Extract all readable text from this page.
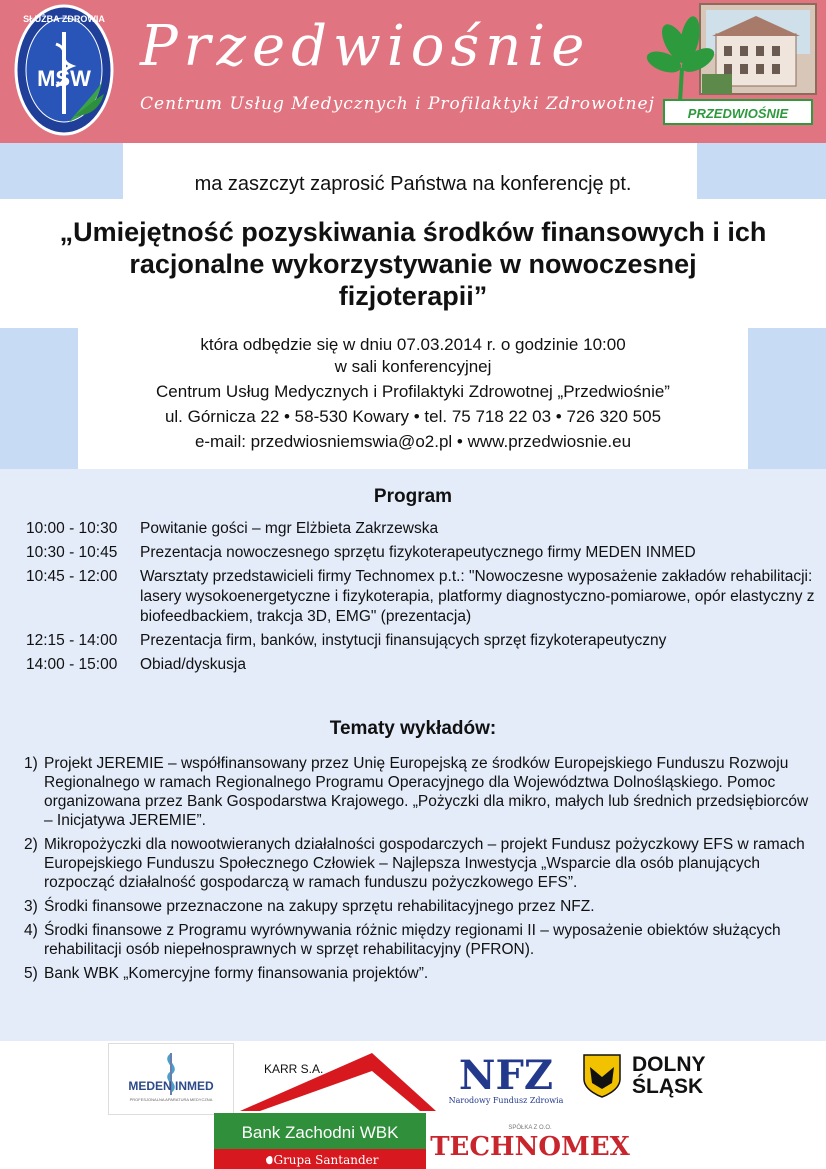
SŁUŻBA ZDROWIA
MSW Przedwiośnie
Centrum Usług Medycznych i Profilaktyki Zdrowotnej	PRZEDWIOŚNIE
ma zaszczyt zaprosić Państwa na konferencję pt.
„Umiejętność pozyskiwania środków finansowych i ich
racjonalne wykorzystywanie w nowoczesnej
fizjoterapii”
która odbędzie się w dniu 07.03.2014 r. o godzinie 10:00
w sali konferencyjnej
Centrum Usług Medycznych i Profilaktyki Zdrowotnej „Przedwiośnie”
ul. Górnicza 22 • 58-530 Kowary • tel. 75 718 22 03 • 726 320 505
e-mail: przedwiosniemswia@o2.pl • www.przedwiosnie.eu
Program
10:00 - 10:30	Powitanie gości – mgr Elżbieta Zakrzewska
10:30 - 10:45	Prezentacja nowoczesnego sprzętu fizykoterapeutycznego firmy MEDEN INMED
10:45 - 12:00	Warsztaty przedstawicieli firmy Technomex p.t.: "Nowoczesne wyposażenie zakładów rehabilitacji: lasery wysokoenergetyczne i fizykoterapia, platformy diagnostyczno-pomiarowe, opór elastyczny z biofeedbackiem, trakcja 3D, EMG" (prezentacja)
12:15 - 14:00	Prezentacja firm, banków, instytucji finansujących sprzęt fizykoterapeutyczny
14:00 - 15:00	Obiad/dyskusja
Tematy wykładów:
1) Projekt JEREMIE – współfinansowany przez Unię Europejską ze środków Europejskiego Funduszu Rozwoju Regionalnego w ramach Regionalnego Programu Operacyjnego dla Województwa Dolnośląskiego. Pomoc organizowana przez Bank Gospodarstwa Krajowego. „Pożyczki dla mikro, małych lub średnich przedsiębiorców – Inicjatywa JEREMIE”.
2) Mikropożyczki dla nowootwieranych działalności gospodarczych – projekt Fundusz pożyczkowy EFS w ramach Europejskiego Funduszu Społecznego Człowiek – Najlepsza Inwestycja „Wsparcie dla osób planujących rozpocząć działalność gospodarczą w ramach funduszu pożyczkowego EFS”.
3) Środki finansowe przeznaczone na zakupy sprzętu rehabilitacyjnego przez NFZ.
4) Środki finansowe z Programu wyrównywania różnic między regionami II – wyposażenie obiektów służących rehabilitacji osób niepełnosprawnych w sprzęt rehabilitacyjny (PFRON).
5) Bank WBK „Komercyjne formy finansowania projektów”.
MEDEN INMED
PROFESJONALNA APARATURA MEDYCZNA
KARR S.A.	NFZ
Narodowy Fundusz Zdrowia
DOLNY
ŚLĄSK
Bank Zachodni WBK
Grupa Santander
SPÓŁKA Z O.O.
TECHNOMEX
